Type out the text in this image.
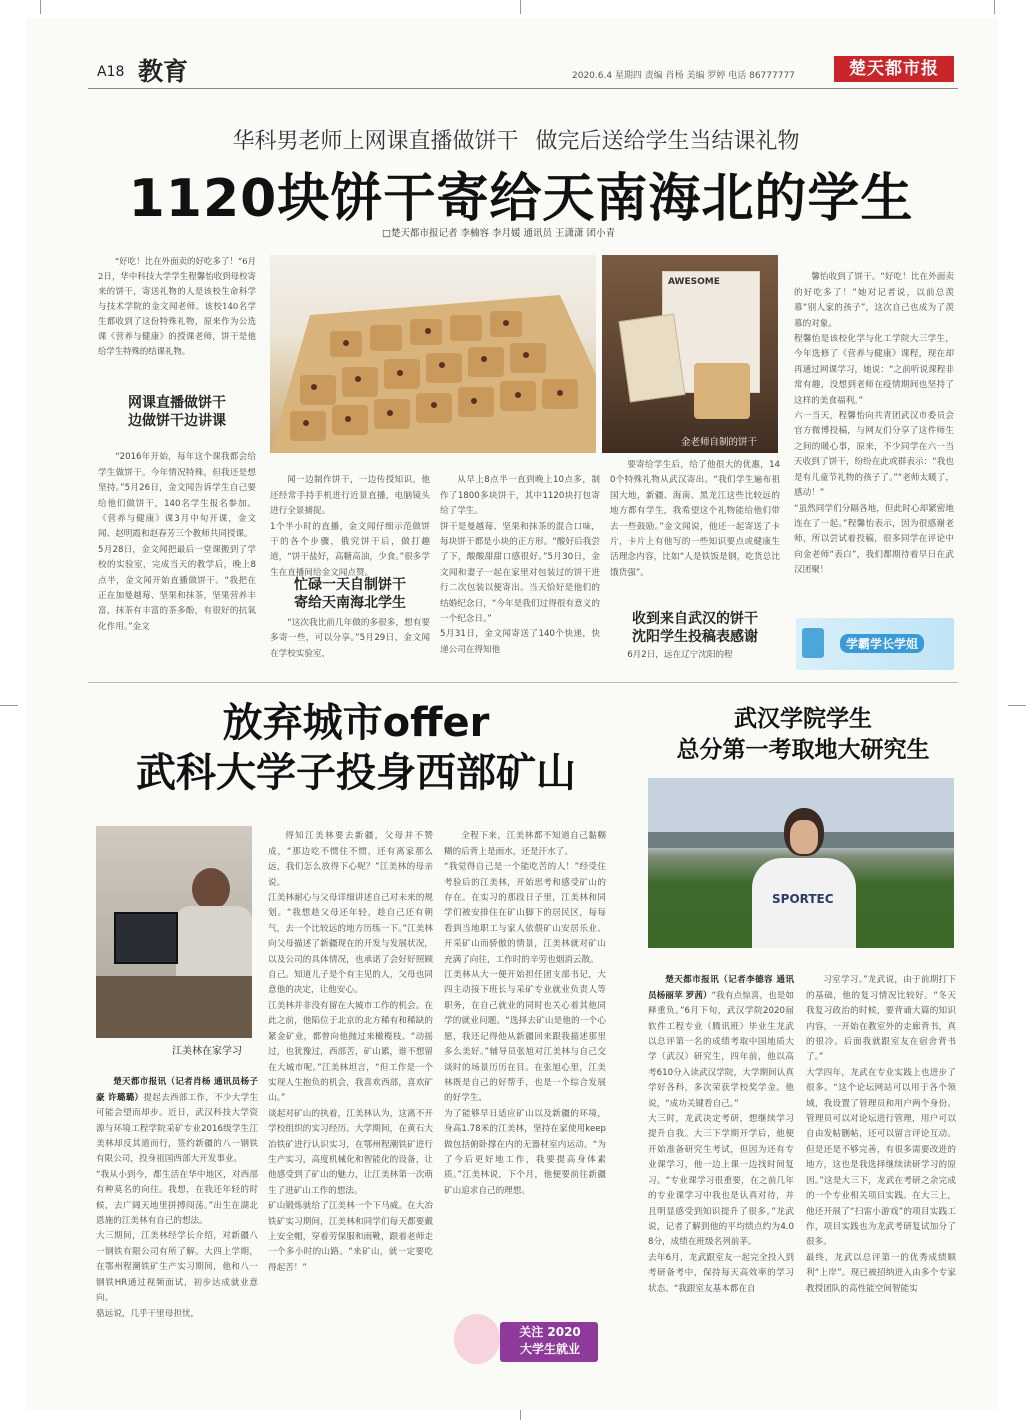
A18 教育	2020.6.4 星期四 责编 肖杨 美编 罗婷 电话 86777777	楚天都市报
华科男老师上网课直播做饼干 做完后送给学生当结课礼物
1120块饼干寄给天南海北的学生
□楚天都市报记者 李楠容 李月媛 通讯员 王潇潇 团小青

“好吃！比在外面卖的好吃多了！”6月2日，华中科技大学学生程馨怡收到母校寄来的饼干，寄送礼物的人是该校生命科学与技术学院的金文闻老师。该校140名学生都收到了这份特殊礼物，原来作为公选课《营养与健康》的授课老师，饼干是他给学生特殊的结课礼物。

网课直播做饼干
边做饼干边讲课

“2016年开始，每年这个课我都会给学生做饼干。今年情况特殊，但我还是想坚持。”5月26日，金文闻告诉学生自己要给他们做饼干，140名学生报名参加。《营养与健康》课3月中旬开课，金文闻、赵明霞和赵春芳三个教师共同授课。
5月28日，金文闻把最后一堂课搬到了学校的实验室，完成当天的教学后，晚上8点半，金文闻开始直播做饼干。“我把在正在加曼越莓、坚果和抹茶，坚果营养丰富，抹茶有丰富的茶多酚，有很好的抗氧化作用。”金文

AWESOME
金老师自制的饼干

闻一边制作饼干，一边传授知识，他还经常手持手机进行近景直播，电脑镜头进行全景捕捉。
1个半小时的直播，金文闻仔细示范做饼干的各个步骤，俄究饼干后，做打趣道，“饼干盐好，高糖高油，少食。”很多学生在直播间给金文闻点赞。

忙碌一天自制饼干
寄给天南海北学生

“这次我比前几年做的多很多，想有要多寄一些，可以分享。”5月29日，金文闻在学校实验室，

从早上8点半一直到晚上10点多，制作了1800多块饼干，其中1120块打包寄给了学生。
饼干是曼越莓、坚果和抹茶的混合口味，每块饼干都是小块的正方形。“酸好后我尝了下，酸酸甜甜口感很好。”5月30日，金文闻和妻子一起在家里对包装过的饼干进行二次包装以便寄出。当天恰好是他们的结婚纪念日，“今年是我们过得很有意义的一个纪念日。”
5月31日，金文闻寄送了140个快递，快递公司在得知他

要寄给学生后，给了他很大的优惠，140个特殊礼物从武汉寄出。“我们学生遍布祖国大地，新疆、海南、黑龙江这些比较远的地方都有学生，我希望这个礼物能给他们带去一些鼓励。”金文闻说，他还一起寄送了卡片，卡片上有他写的一些知识要点或健康生活理念内容，比如“人是铁饭是钢，吃货总比饿货强”。

收到来自武汉的饼干
沈阳学生投稿表感谢

6月2日，远在辽宁沈阳的程

馨怡收到了饼干。“好吃！比在外面卖的好吃多了！”她对记者说，以前总羡慕“别人家的孩子”，这次自己也成为了羡慕的对象。
程馨怡是该校化学与化工学院大三学生，今年选修了《营养与健康》课程，现在却再通过网课学习，她说：“之前听说课程非常有趣，没想到老师在疫情期间也坚持了这样的美食福利。”
六一当天，程馨怡向共青团武汉市委员会官方微博投稿，与网友们分享了这件师生之间的暖心事，原来，不少同学在六一当天收到了饼干，纷纷在此或群表示：“我也是有儿童节礼物的孩子了。”“老师太暖了，感动！”
“虽然同学们分隔各地，但此时心却紧密地连在了一起。”程馨怡表示，因为很感谢老师，所以尝试着投稿，很多同学在评论中向金老师“表白”，我们都期待着早日在武汉团聚！

学霸学长学姐
放弃城市offer
武科大学子投身西部矿山
江美林在家学习

楚天都市报讯（记者肖杨 通讯员杨子豪 许璐璐）提起去西部工作，不少大学生可能会望而却步。近日，武汉科技大学资源与环境工程学院采矿专业2016级学生江美林却反其道而行，签约新疆的八一钢铁有限公司，投身祖国西部大开发事业。
“我从小到今，都生活在华中地区，对西部有种莫名的向往。我想，在我还年轻的时候，去广阔天地里拼搏闯荡。”出生在湖北恩施的江美林有自己的想法。
大三期间，江美林经学长介绍，对新疆八一钢铁有限公司有所了解。大四上学期，在鄂州程潮铁矿生产实习期间，他和八一钢铁HR通过视频面试，初步达成就业意向。
骆远说，几乎干里母担忧，

得知江美林要去新疆，父母并不赞成，“那边吃不惯住不惯，还有离家那么远，我们怎么放得下心呢？”江美林的母亲说。
江美林耐心与父母详细讲述自己对未来的规划。“我想趁父母还年轻，趁自己还有朝气，去一个比较远的地方历练一下。”江美林向父母描述了新疆现在的开发与发展状况，以及公司的具体情况，也承诺了会好好照顾自己。知道儿子是个有主见的人，父母也同意他的决定，让他安心。
江美林并非没有留在大城市工作的机会。在此之前，他陷位于北京的北方稀有和稀缺的紧金矿业，都曾向他抛过来橄榄枝。“动摇过，也犹豫过，西部苦，矿山累，谁不想留在大城市呢。”江美林坦言，“但工作是一个实现人生抱负的机会，我喜欢西部，喜欢矿山。”
谈起对矿山的执着，江美林认为，这离不开学校组织的实习经历。大学期间，在黄石大冶铁矿进行认识实习，在鄂州程潮铁矿进行生产实习，高度机械化和智能化的设备，让他感受到了矿山的魅力，让江美林第一次萌生了进矿山工作的想法。
矿山锻炼就给了江美林一个下马威。在大冶铁矿实习期间，江美林和同学们每天都要戴上安全帽，穿着劳保服和雨靴，跟着老师走一个多小时的山路。“来矿山，就一定要吃得起苦！”

全程下来，江美林都不知道自己黏糊糊的后背上是雨水，还是汗水了。
“我觉得自己是一个能吃苦的人！”经受住考验后的江美林，开始思考和感受矿山的存在。在实习的那段日子里，江美林和同学们被安排住在矿山脚下的居民区，每每看到当地职工与家人依偎矿山安居乐业、开采矿山而骄傲的情景，江美林就对矿山充满了向往，工作时的辛劳也烟消云散。
江美林从大一便开始担任团支部书记，大四主动接下班长与采矿专业就业负责人等职务，在自己就业的同时也关心着其他同学的就业问题。“选择去矿山是他的一个心愿，我还记得他从新疆回来跟我描述那里多么美好。”辅导员张旭对江美林与自己交谈时的场景历历在目。在张旭心里，江美林既是自己的好帮手，也是一个综合发展的好学生。
为了能够早日适应矿山以及新疆的环境，身高1.78米的江美林，坚持在家使用keep做包括俯卧撑在内的无器材室内运动。“为了今后更好地工作，我要提高身体素质。”江美林说，下个月，他便要前往新疆矿山追求自己的理想。

关注 2020
大学生就业
武汉学院学生
总分第一考取地大研究生
SPORTEC

楚天都市报讯（记者李德容 通讯员杨丽苹 罗茜）“我有点惊喜，也是如释重负。”6月下旬，武汉学院2020届软件工程专业（腾讯班）毕业生龙武以总评第一名的成绩考取中国地质大学（武汉）研究生，四年前，他以高考610分入读武汉学院，大学期间认真学好各科，多次荣获学校奖学金。他说，“成功关键看自己。”
大三时，龙武决定考研，想继续学习提升自我。大三下学期开学后，他便开始准备研究生考试，但因为还有专业课学习，他一边上课一边找时间复习。“专业课学习很重要，在之前几年的专业课学习中我也是认真对待，并且明显感受到知识提升了很多。”龙武说，记者了解到他的平均绩点约为4.08分，成绩在班级名列前茅。
去年6月，龙武跟室友一起完全投入到考研备考中，保持每天高效率的学习状态。“我跟室友基本都在自

习室学习。”龙武说，由于前期打下的基础，他的复习情况比较好。“冬天我复习政治的时候，要背诵大篇的知识内容，一开始在教室外的走廊背书，真的很冷。后面我就跟室友在宿舍背书了。”
大学四年，龙武在专业实践上也进步了很多。“这个论坛网站可以用于各个领域，我设置了管理员和用户两个身份。管理员可以对论坛进行管理，用户可以自由发帖删帖，还可以留言评论互动。但是还是不够完善，有很多需要改进的地方，这也是我选择继续读研学习的原因。”这是大三下，龙武在考研之余完成的一个专业相关项目实践。在大三上，他还开展了“扫雷小游戏”的项目实践工作，项目实践也为龙武考研复试加分了很多。
最终，龙武以总评第一的优秀成绩顺利“上岸”。现已被招纳进入由多个专家教授团队的高性能空间智能实
